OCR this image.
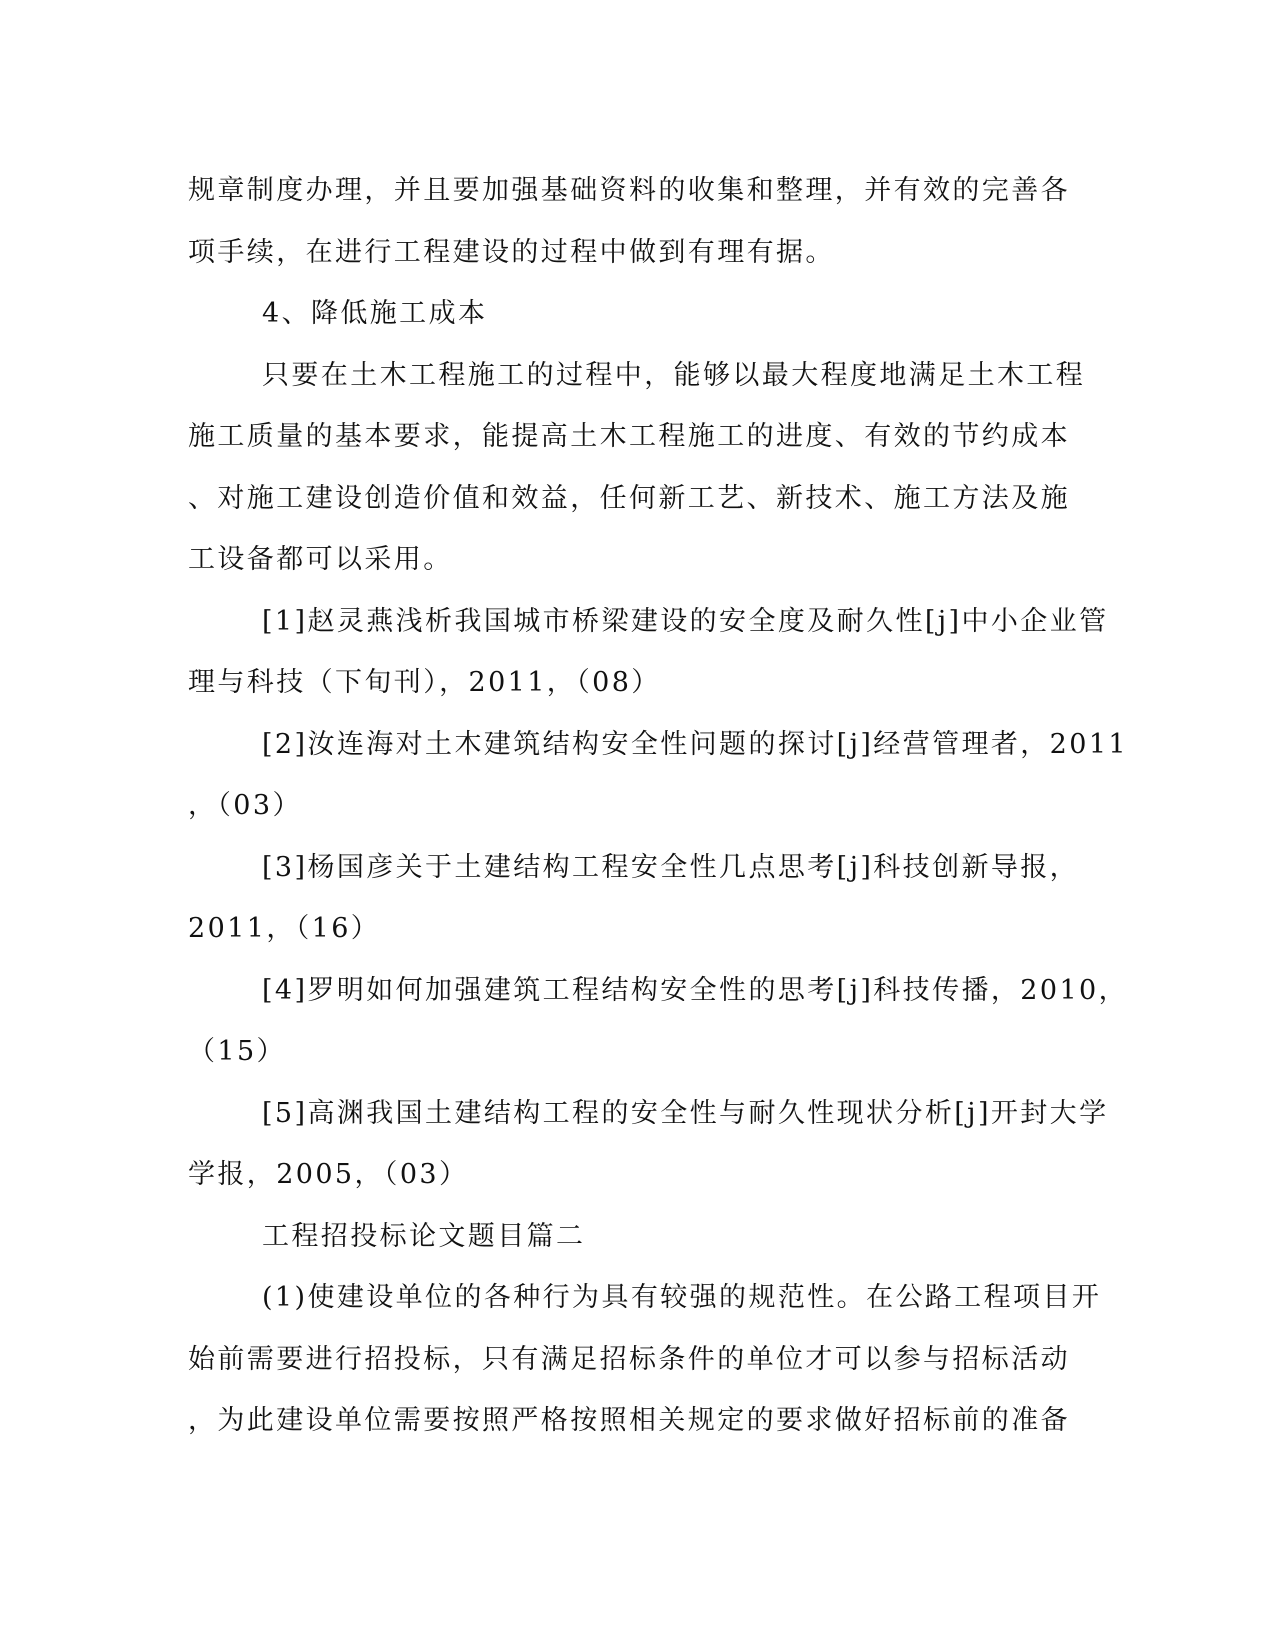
规章制度办理，并且要加强基础资料的收集和整理，并有效的完善各
项手续，在进行工程建设的过程中做到有理有据。
4、降低施工成本
只要在土木工程施工的过程中，能够以最大程度地满足土木工程
施工质量的基本要求，能提高土木工程施工的进度、有效的节约成本
、对施工建设创造价值和效益，任何新工艺、新技术、施工方法及施
工设备都可以采用。
[1]赵灵燕浅析我国城市桥梁建设的安全度及耐久性[j]中小企业管
理与科技（下旬刊），2011，（08）
[2]汝连海对土木建筑结构安全性问题的探讨[j]经营管理者，2011
，（03）
[3]杨国彦关于土建结构工程安全性几点思考[j]科技创新导报，
2011，（16）
[4]罗明如何加强建筑工程结构安全性的思考[j]科技传播，2010，
（15）
[5]高渊我国土建结构工程的安全性与耐久性现状分析[j]开封大学
学报，2005，（03）
工程招投标论文题目篇二
(1)使建设单位的各种行为具有较强的规范性。在公路工程项目开
始前需要进行招投标，只有满足招标条件的单位才可以参与招标活动
，为此建设单位需要按照严格按照相关规定的要求做好招标前的准备
